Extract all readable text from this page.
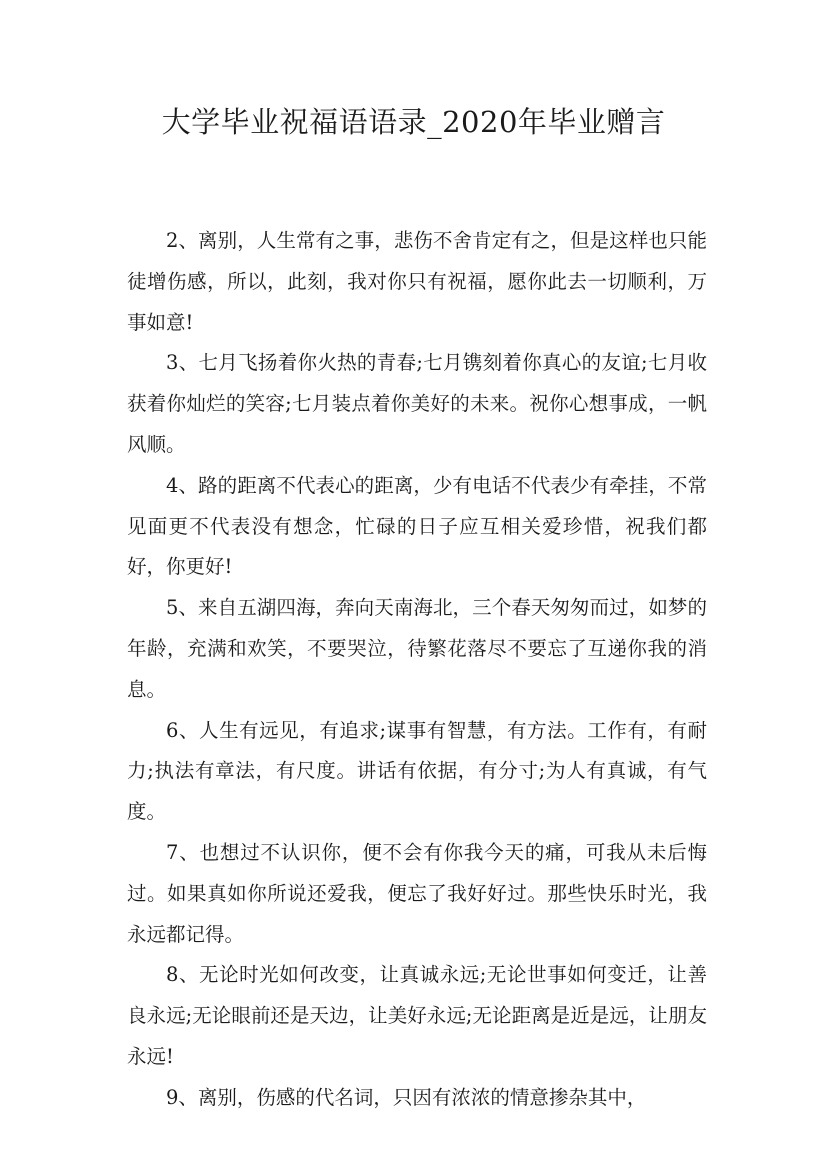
大学毕业祝福语语录_2020年毕业赠言

2、离别，人生常有之事，悲伤不舍肯定有之，但是这样也只能徒增伤感，所以，此刻，我对你只有祝福，愿你此去一切顺利，万事如意!

3、七月飞扬着你火热的青春;七月镌刻着你真心的友谊;七月收获着你灿烂的笑容;七月装点着你美好的未来。祝你心想事成，一帆风顺。

4、路的距离不代表心的距离，少有电话不代表少有牵挂，不常见面更不代表没有想念，忙碌的日子应互相关爱珍惜，祝我们都好，你更好!

5、来自五湖四海，奔向天南海北，三个春天匆匆而过，如梦的年龄，充满和欢笑，不要哭泣，待繁花落尽不要忘了互递你我的消息。

6、人生有远见，有追求;谋事有智慧，有方法。工作有，有耐力;执法有章法，有尺度。讲话有依据，有分寸;为人有真诚，有气度。

7、也想过不认识你，便不会有你我今天的痛，可我从未后悔过。如果真如你所说还爱我，便忘了我好好过。那些快乐时光，我永远都记得。

8、无论时光如何改变，让真诚永远;无论世事如何变迁，让善良永远;无论眼前还是天边，让美好永远;无论距离是近是远，让朋友永远!

9、离别，伤感的代名词，只因有浓浓的情意掺杂其中，
